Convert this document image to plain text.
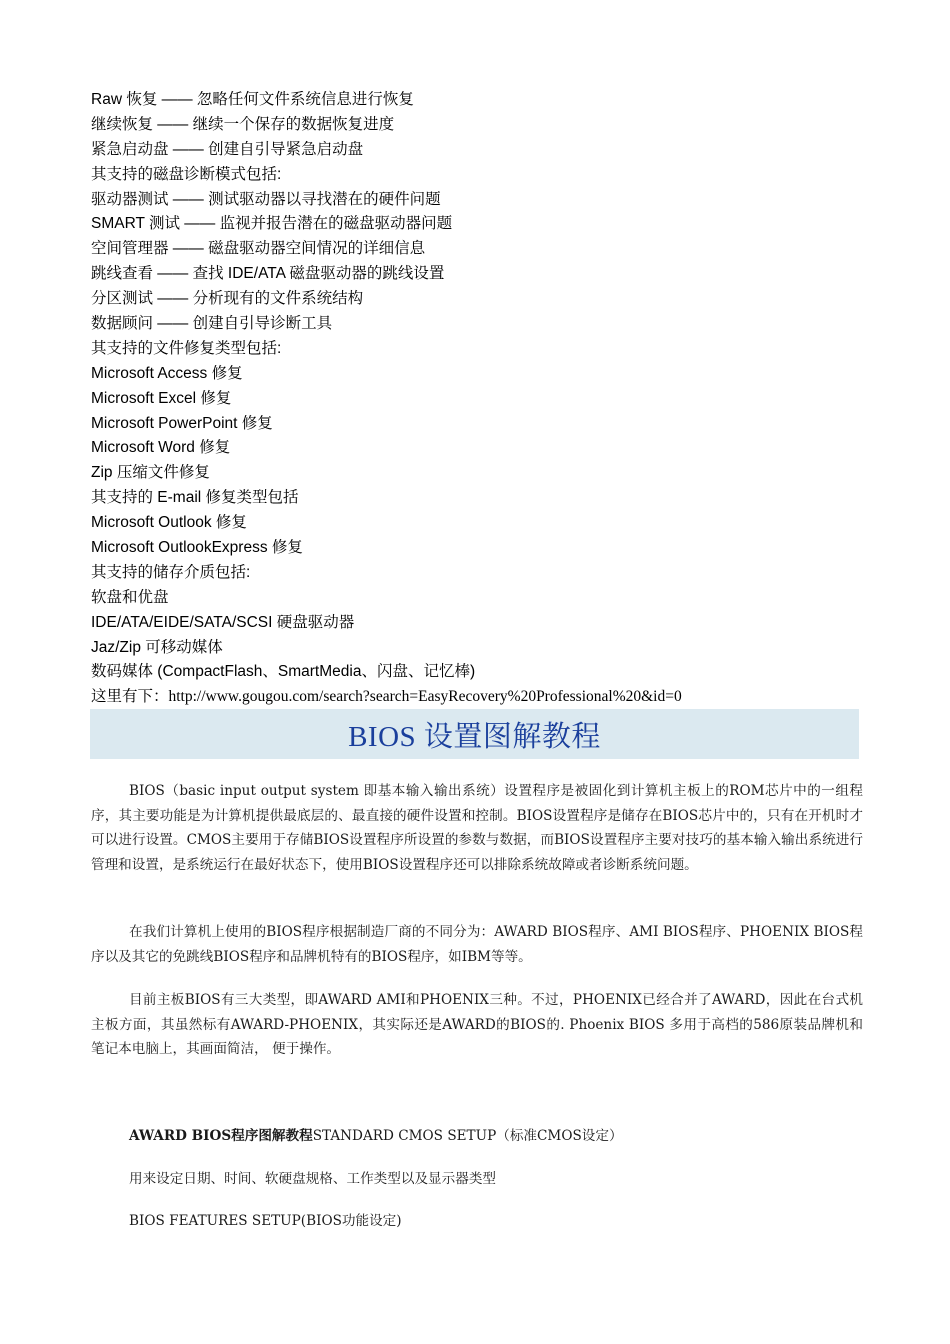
Raw 恢复 —— 忽略任何文件系统信息进行恢复
继续恢复 —— 继续一个保存的数据恢复进度
紧急启动盘 —— 创建自引导紧急启动盘
其支持的磁盘诊断模式包括:
驱动器测试 —— 测试驱动器以寻找潜在的硬件问题
SMART 测试 —— 监视并报告潜在的磁盘驱动器问题
空间管理器 —— 磁盘驱动器空间情况的详细信息
跳线查看 —— 查找 IDE/ATA 磁盘驱动器的跳线设置
分区测试 —— 分析现有的文件系统结构
数据顾问 —— 创建自引导诊断工具
其支持的文件修复类型包括:
Microsoft Access 修复
Microsoft Excel 修复
Microsoft PowerPoint 修复
Microsoft Word 修复
Zip 压缩文件修复
其支持的 E-mail 修复类型包括
Microsoft Outlook 修复
Microsoft OutlookExpress 修复
其支持的储存介质包括:
软盘和优盘
IDE/ATA/EIDE/SATA/SCSI 硬盘驱动器
Jaz/Zip 可移动媒体
数码媒体 (CompactFlash、SmartMedia、闪盘、记忆棒)
这里有下：http://www.gougou.com/search?search=EasyRecovery%20Professional%20&id=0
BIOS 设置图解教程

BIOS（basic input output system 即基本输入输出系统）设置程序是被固化到计算机主板上的ROM芯片中的一组程序，其主要功能是为计算机提供最底层的、最直接的硬件设置和控制。BIOS设置程序是储存在BIOS芯片中的，只有在开机时才可以进行设置。CMOS主要用于存储BIOS设置程序所设置的参数与数据，而BIOS设置程序主要对技巧的基本输入输出系统进行管理和设置，是系统运行在最好状态下，使用BIOS设置程序还可以排除系统故障或者诊断系统问题。

在我们计算机上使用的BIOS程序根据制造厂商的不同分为：AWARD BIOS程序、AMI BIOS程序、PHOENIX BIOS程序以及其它的免跳线BIOS程序和品牌机特有的BIOS程序，如IBM等等。

目前主板BIOS有三大类型，即AWARD AMI和PHOENIX三种。不过，PHOENIX已经合并了AWARD，因此在台式机主板方面，其虽然标有AWARD-PHOENIX，其实际还是AWARD的BIOS的. Phoenix BIOS 多用于高档的586原装品牌机和笔记本电脑上，其画面简洁， 便于操作。

AWARD BIOS程序图解教程STANDARD CMOS SETUP（标准CMOS设定）
用来设定日期、时间、软硬盘规格、工作类型以及显示器类型
BIOS FEATURES SETUP(BIOS功能设定)
